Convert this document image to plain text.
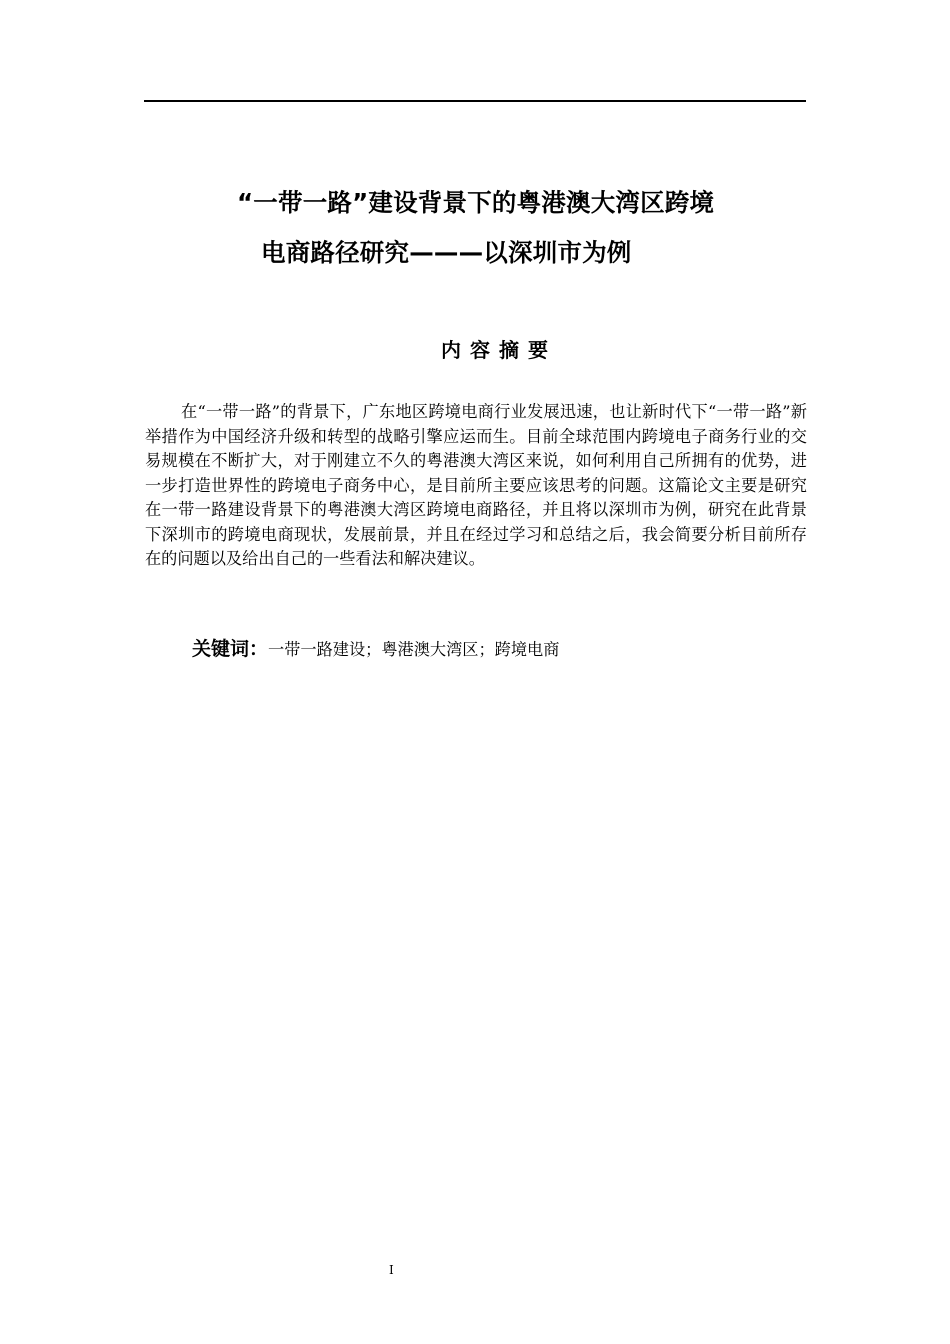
“一带一路”建设背景下的粤港澳大湾区跨境
电商路径研究———以深圳市为例
内容摘要

在“一带一路”的背景下，广东地区跨境电商行业发展迅速，也让新时代下“一带一路”新举措作为中国经济升级和转型的战略引擎应运而生。目前全球范围内跨境电子商务行业的交易规模在不断扩大，对于刚建立不久的粤港澳大湾区来说，如何利用自己所拥有的优势，进一步打造世界性的跨境电子商务中心，是目前所主要应该思考的问题。这篇论文主要是研究在一带一路建设背景下的粤港澳大湾区跨境电商路径，并且将以深圳市为例，研究在此背景下深圳市的跨境电商现状，发展前景，并且在经过学习和总结之后，我会简要分析目前所存在的问题以及给出自己的一些看法和解决建议。

关键词：一带一路建设；粤港澳大湾区；跨境电商
I
